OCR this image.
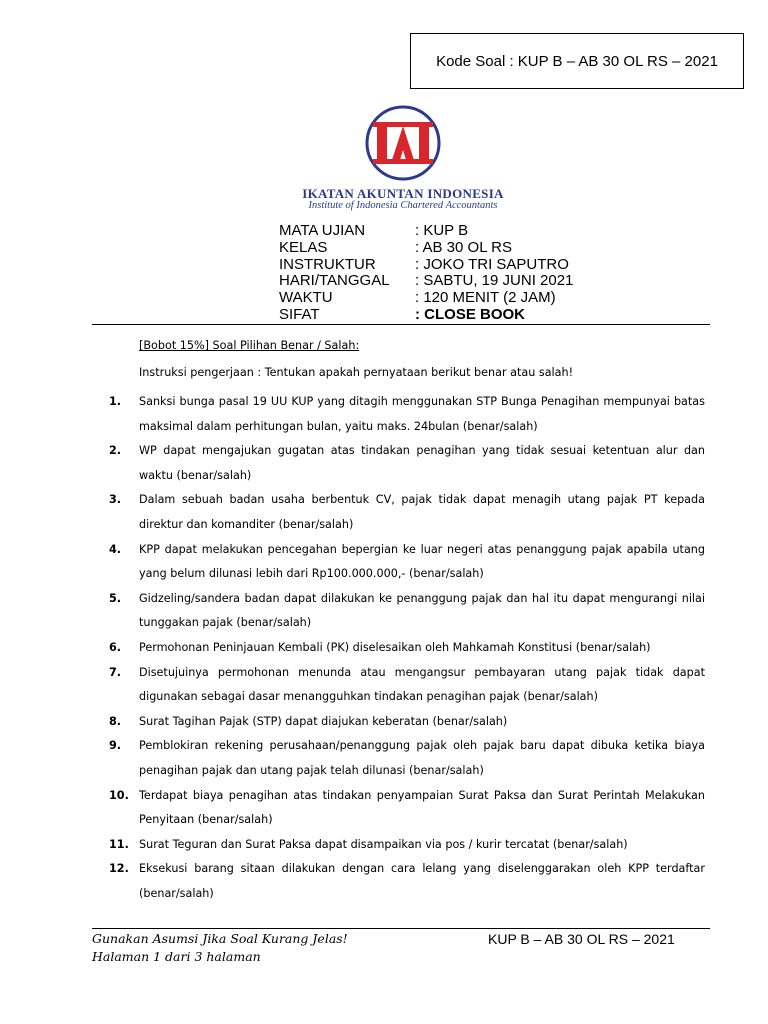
Kode Soal : KUP B – AB 30 OL RS – 2021
IKATAN AKUNTAN INDONESIA
Institute of Indonesia Chartered Accountants
MATA UJIAN	: KUP B
KELAS	: AB 30 OL RS
INSTRUKTUR	: JOKO TRI SAPUTRO
HARI/TANGGAL	: SABTU, 19 JUNI 2021
WAKTU	: 120 MENIT (2 JAM)
SIFAT	: CLOSE BOOK
[Bobot 15%] Soal Pilihan Benar / Salah:
Instruksi pengerjaan : Tentukan apakah pernyataan berikut benar atau salah!
1.	Sanksi bunga pasal 19 UU KUP yang ditagih menggunakan STP Bunga Penagihan mempunyai batas maksimal dalam perhitungan bulan, yaitu maks. 24bulan (benar/salah)
2.	WP dapat mengajukan gugatan atas tindakan penagihan yang tidak sesuai ketentuan alur dan waktu (benar/salah)
3.	Dalam sebuah badan usaha berbentuk CV, pajak tidak dapat menagih utang pajak PT kepada direktur dan komanditer (benar/salah)
4.	KPP dapat melakukan pencegahan bepergian ke luar negeri atas penanggung pajak apabila utang yang belum dilunasi lebih dari Rp100.000.000,- (benar/salah)
5.	Gidzeling/sandera badan dapat dilakukan ke penanggung pajak dan hal itu dapat mengurangi nilai tunggakan pajak (benar/salah)
6.	Permohonan Peninjauan Kembali (PK) diselesaikan oleh Mahkamah Konstitusi (benar/salah)
7.	Disetujuinya permohonan menunda atau mengangsur pembayaran utang pajak tidak dapat digunakan sebagai dasar menangguhkan tindakan penagihan pajak (benar/salah)
8.	Surat Tagihan Pajak (STP) dapat diajukan keberatan (benar/salah)
9.	Pemblokiran rekening perusahaan/penanggung pajak oleh pajak baru dapat dibuka ketika biaya penagihan pajak dan utang pajak telah dilunasi (benar/salah)
10. Terdapat biaya penagihan atas tindakan penyampaian Surat Paksa dan Surat Perintah Melakukan Penyitaan (benar/salah)
11. Surat Teguran dan Surat Paksa dapat disampaikan via pos / kurir tercatat (benar/salah)
12. Eksekusi barang sitaan dilakukan dengan cara lelang yang diselenggarakan oleh KPP terdaftar (benar/salah)
Gunakan Asumsi Jika Soal Kurang Jelas!
Halaman 1 dari 3 halaman
KUP B – AB 30 OL RS – 2021
